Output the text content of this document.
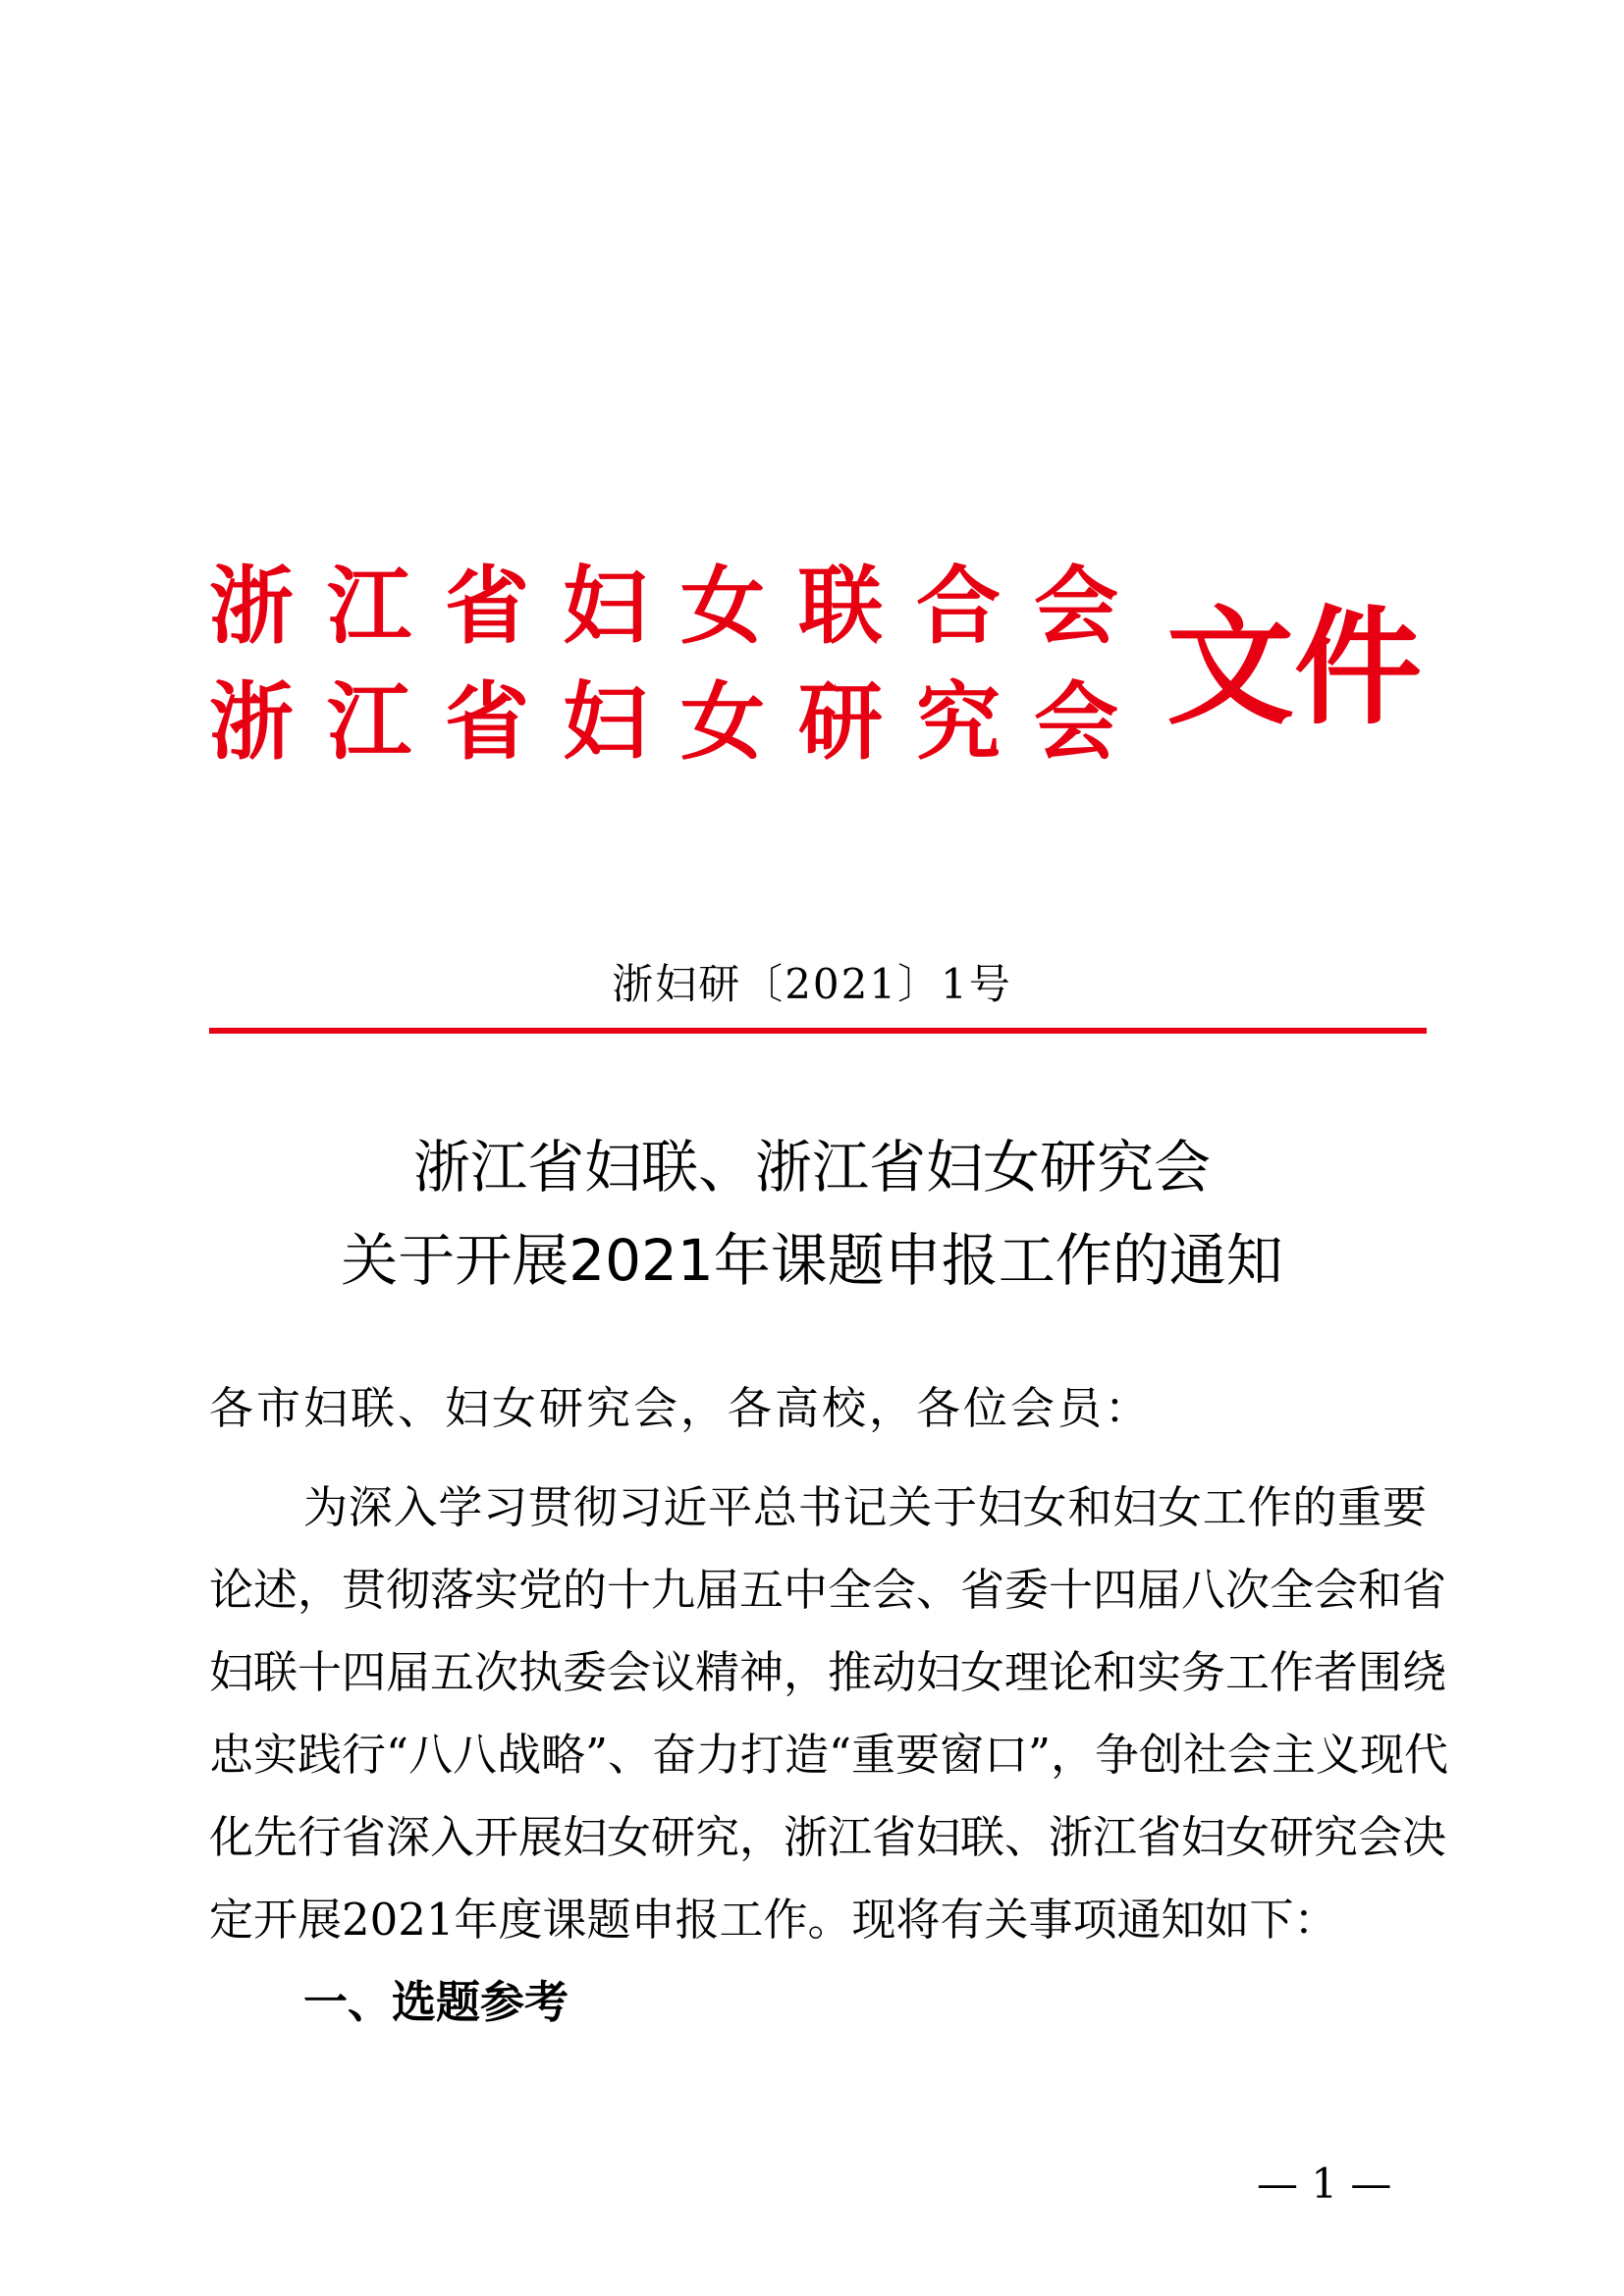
浙江省妇女联合会
浙江省妇女研究会 文件
浙妇研〔2021〕1号
浙江省妇联、浙江省妇女研究会
关于开展2021年课题申报工作的通知
各市妇联、妇女研究会，各高校，各位会员：
为深入学习贯彻习近平总书记关于妇女和妇女工作的重要
论述，贯彻落实党的十九届五中全会、省委十四届八次全会和省
妇联十四届五次执委会议精神，推动妇女理论和实务工作者围绕
忠实践行“八八战略”、奋力打造“重要窗口”，争创社会主义现代
化先行省深入开展妇女研究，浙江省妇联、浙江省妇女研究会决
定开展2021年度课题申报工作。现将有关事项通知如下：
一、选题参考
— 1 —
